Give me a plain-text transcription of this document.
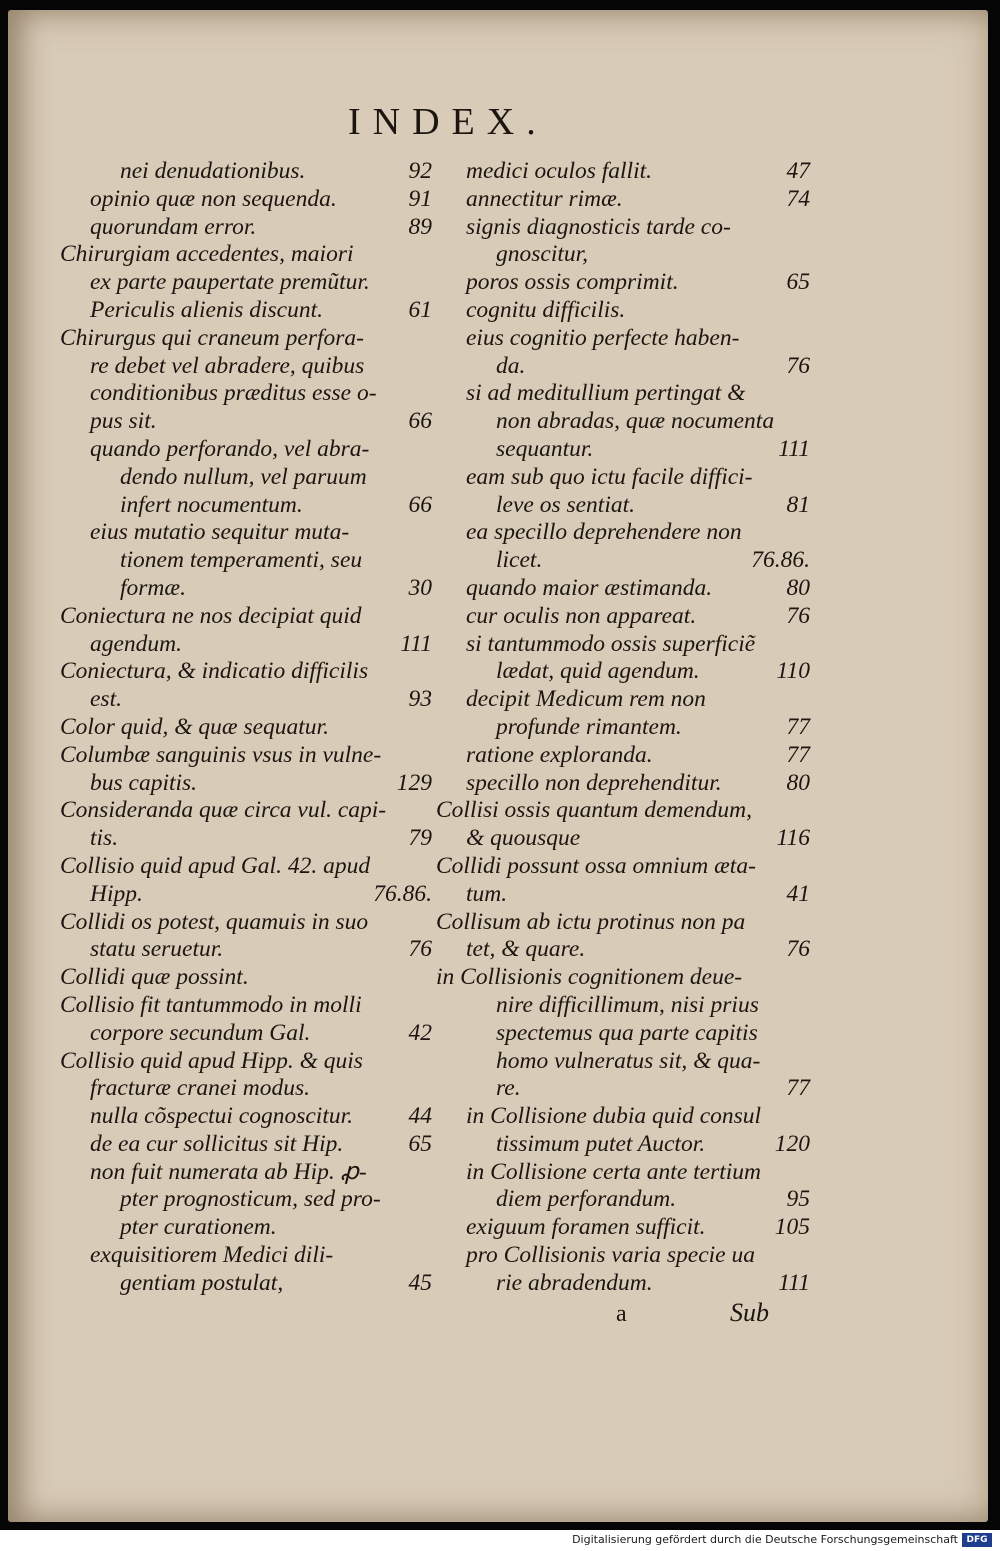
INDEX.

nei denudationibus.	92

opinio quæ non sequenda.	91

quorundam error.	89

Chirurgiam accedentes, maiori

ex parte paupertate premũtur.

Periculis alienis discunt.	61

Chirurgus qui craneum perfora-

re debet vel abradere, quibus

conditionibus præditus esse o-

pus sit.	66

quando perforando, vel abra-

dendo nullum, vel paruum

infert nocumentum.	66

eius mutatio sequitur muta-

tionem temperamenti, seu

formæ.	30

Coniectura ne nos decipiat quid

agendum.	111

Coniectura, & indicatio difficilis

est.	93

Color quid, & quæ sequatur.

Columbæ sanguinis vsus in vulne-

bus capitis.	129

Consideranda quæ circa vul. capi-

tis.	79

Collisio quid apud Gal. 42. apud

Hipp.	76.86.

Collidi os potest, quamuis in suo

statu seruetur.	76

Collidi quæ possint.

Collisio fit tantummodo in molli

corpore secundum Gal.	42

Collisio quid apud Hipp. & quis

fracturæ cranei modus.

nulla cõspectui cognoscitur. 44

de ea cur sollicitus sit Hip.	65

non fuit numerata ab Hip. ꝓ-

pter prognosticum, sed pro-

pter curationem.

exquisitiorem Medici dili-

gentiam postulat,	45

medici oculos fallit.	47

annectitur rimæ.	74

signis diagnosticis tarde co-

gnoscitur,

poros ossis comprimit.	65

cognitu difficilis.

eius cognitio perfecte haben-

da.	76

si ad meditullium pertingat &

non abradas, quæ nocumenta

sequantur.	111

eam sub quo ictu facile diffici-

leve os sentiat.	81

ea specillo deprehendere non

licet.	76.86.

quando maior æstimanda.	80

cur oculis non appareat.	76

si tantummodo ossis superficiẽ

lædat, quid agendum.	110

decipit Medicum rem non

profunde rimantem.	77

ratione exploranda.	77

specillo non deprehenditur.	80

Collisi ossis quantum demendum,

& quousque	116

Collidi possunt ossa omnium æta-

tum.	41

Collisum ab ictu protinus non pa

tet, & quare.	76

in Collisionis cognitionem deue-

nire difficillimum, nisi prius

spectemus qua parte capitis

homo vulneratus sit, & qua-

re.	77

in Collisione dubia quid consul

tissimum putet Auctor.	120

in Collisione certa ante tertium

diem perforandum.	95

exiguum foramen sufficit.	105

pro Collisionis varia specie ua

rie abradendum.	111

a	Sub
Digitalisierung gefördert durch die Deutsche Forschungsgemeinschaft DFG
